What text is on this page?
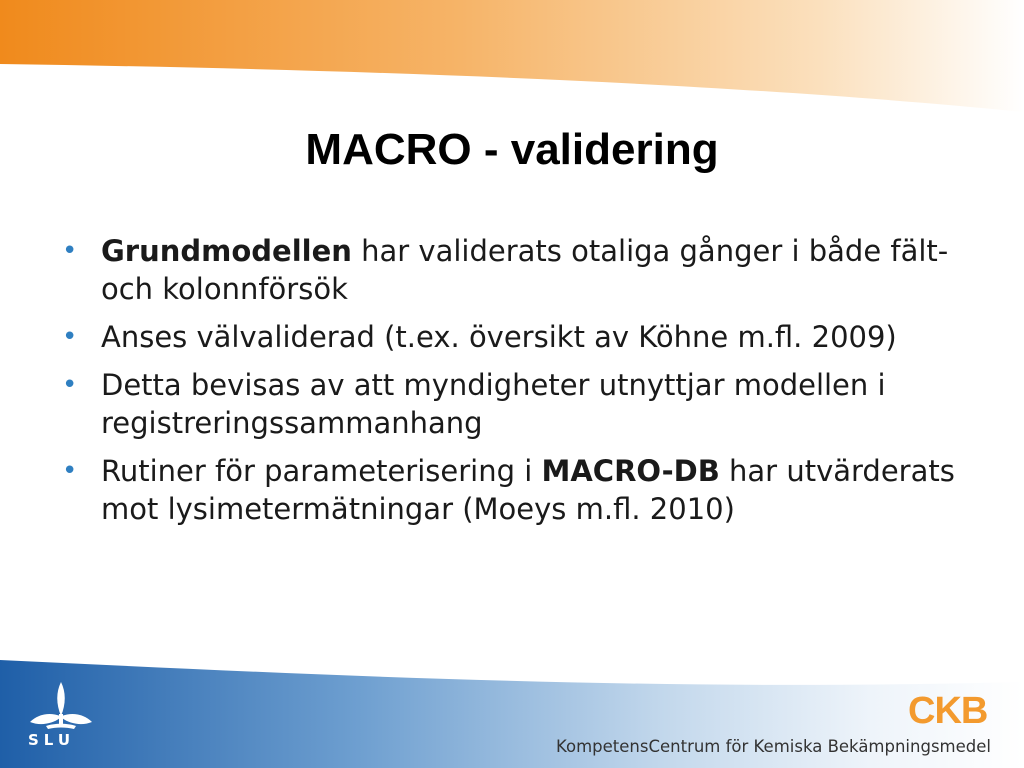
MACRO - validering
• Grundmodellen har validerats otaliga gånger i både fält- och kolonnförsök
• Anses välvaliderad (t.ex. översikt av Köhne m.fl. 2009)
• Detta bevisas av att myndigheter utnyttjar modellen i registreringssammanhang
• Rutiner för parameterisering i MACRO-DB har utvärderats mot lysimetermätningar (Moeys m.fl. 2010)
SLU
CKB
KompetensCentrum för Kemiska Bekämpningsmedel
